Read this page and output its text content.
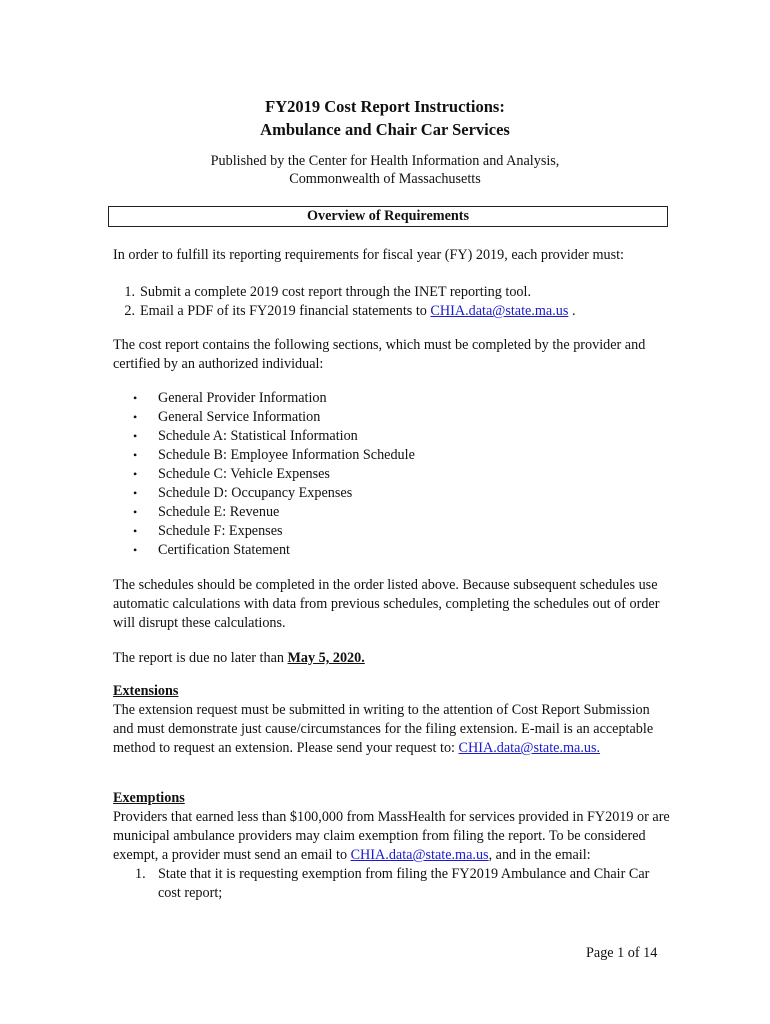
FY2019 Cost Report Instructions:
Ambulance and Chair Car Services
Published by the Center for Health Information and Analysis,
Commonwealth of Massachusetts
Overview of Requirements
In order to fulfill its reporting requirements for fiscal year (FY) 2019, each provider must:
1. Submit a complete 2019 cost report through the INET reporting tool.
2. Email a PDF of its FY2019 financial statements to CHIA.data@state.ma.us .
The cost report contains the following sections, which must be completed by the provider and certified by an authorized individual:
• General Provider Information
• General Service Information
• Schedule A: Statistical Information
• Schedule B: Employee Information Schedule
• Schedule C: Vehicle Expenses
• Schedule D: Occupancy Expenses
• Schedule E: Revenue
• Schedule F: Expenses
• Certification Statement
The schedules should be completed in the order listed above. Because subsequent schedules use automatic calculations with data from previous schedules, completing the schedules out of order will disrupt these calculations.
The report is due no later than May 5, 2020.
Extensions
The extension request must be submitted in writing to the attention of Cost Report Submission and must demonstrate just cause/circumstances for the filing extension. E-mail is an acceptable method to request an extension. Please send your request to: CHIA.data@state.ma.us.
Exemptions
Providers that earned less than $100,000 from MassHealth for services provided in FY2019 or are municipal ambulance providers may claim exemption from filing the report. To be considered exempt, a provider must send an email to CHIA.data@state.ma.us, and in the email:
1. State that it is requesting exemption from filing the FY2019 Ambulance and Chair Car cost report;
Page 1 of 14
